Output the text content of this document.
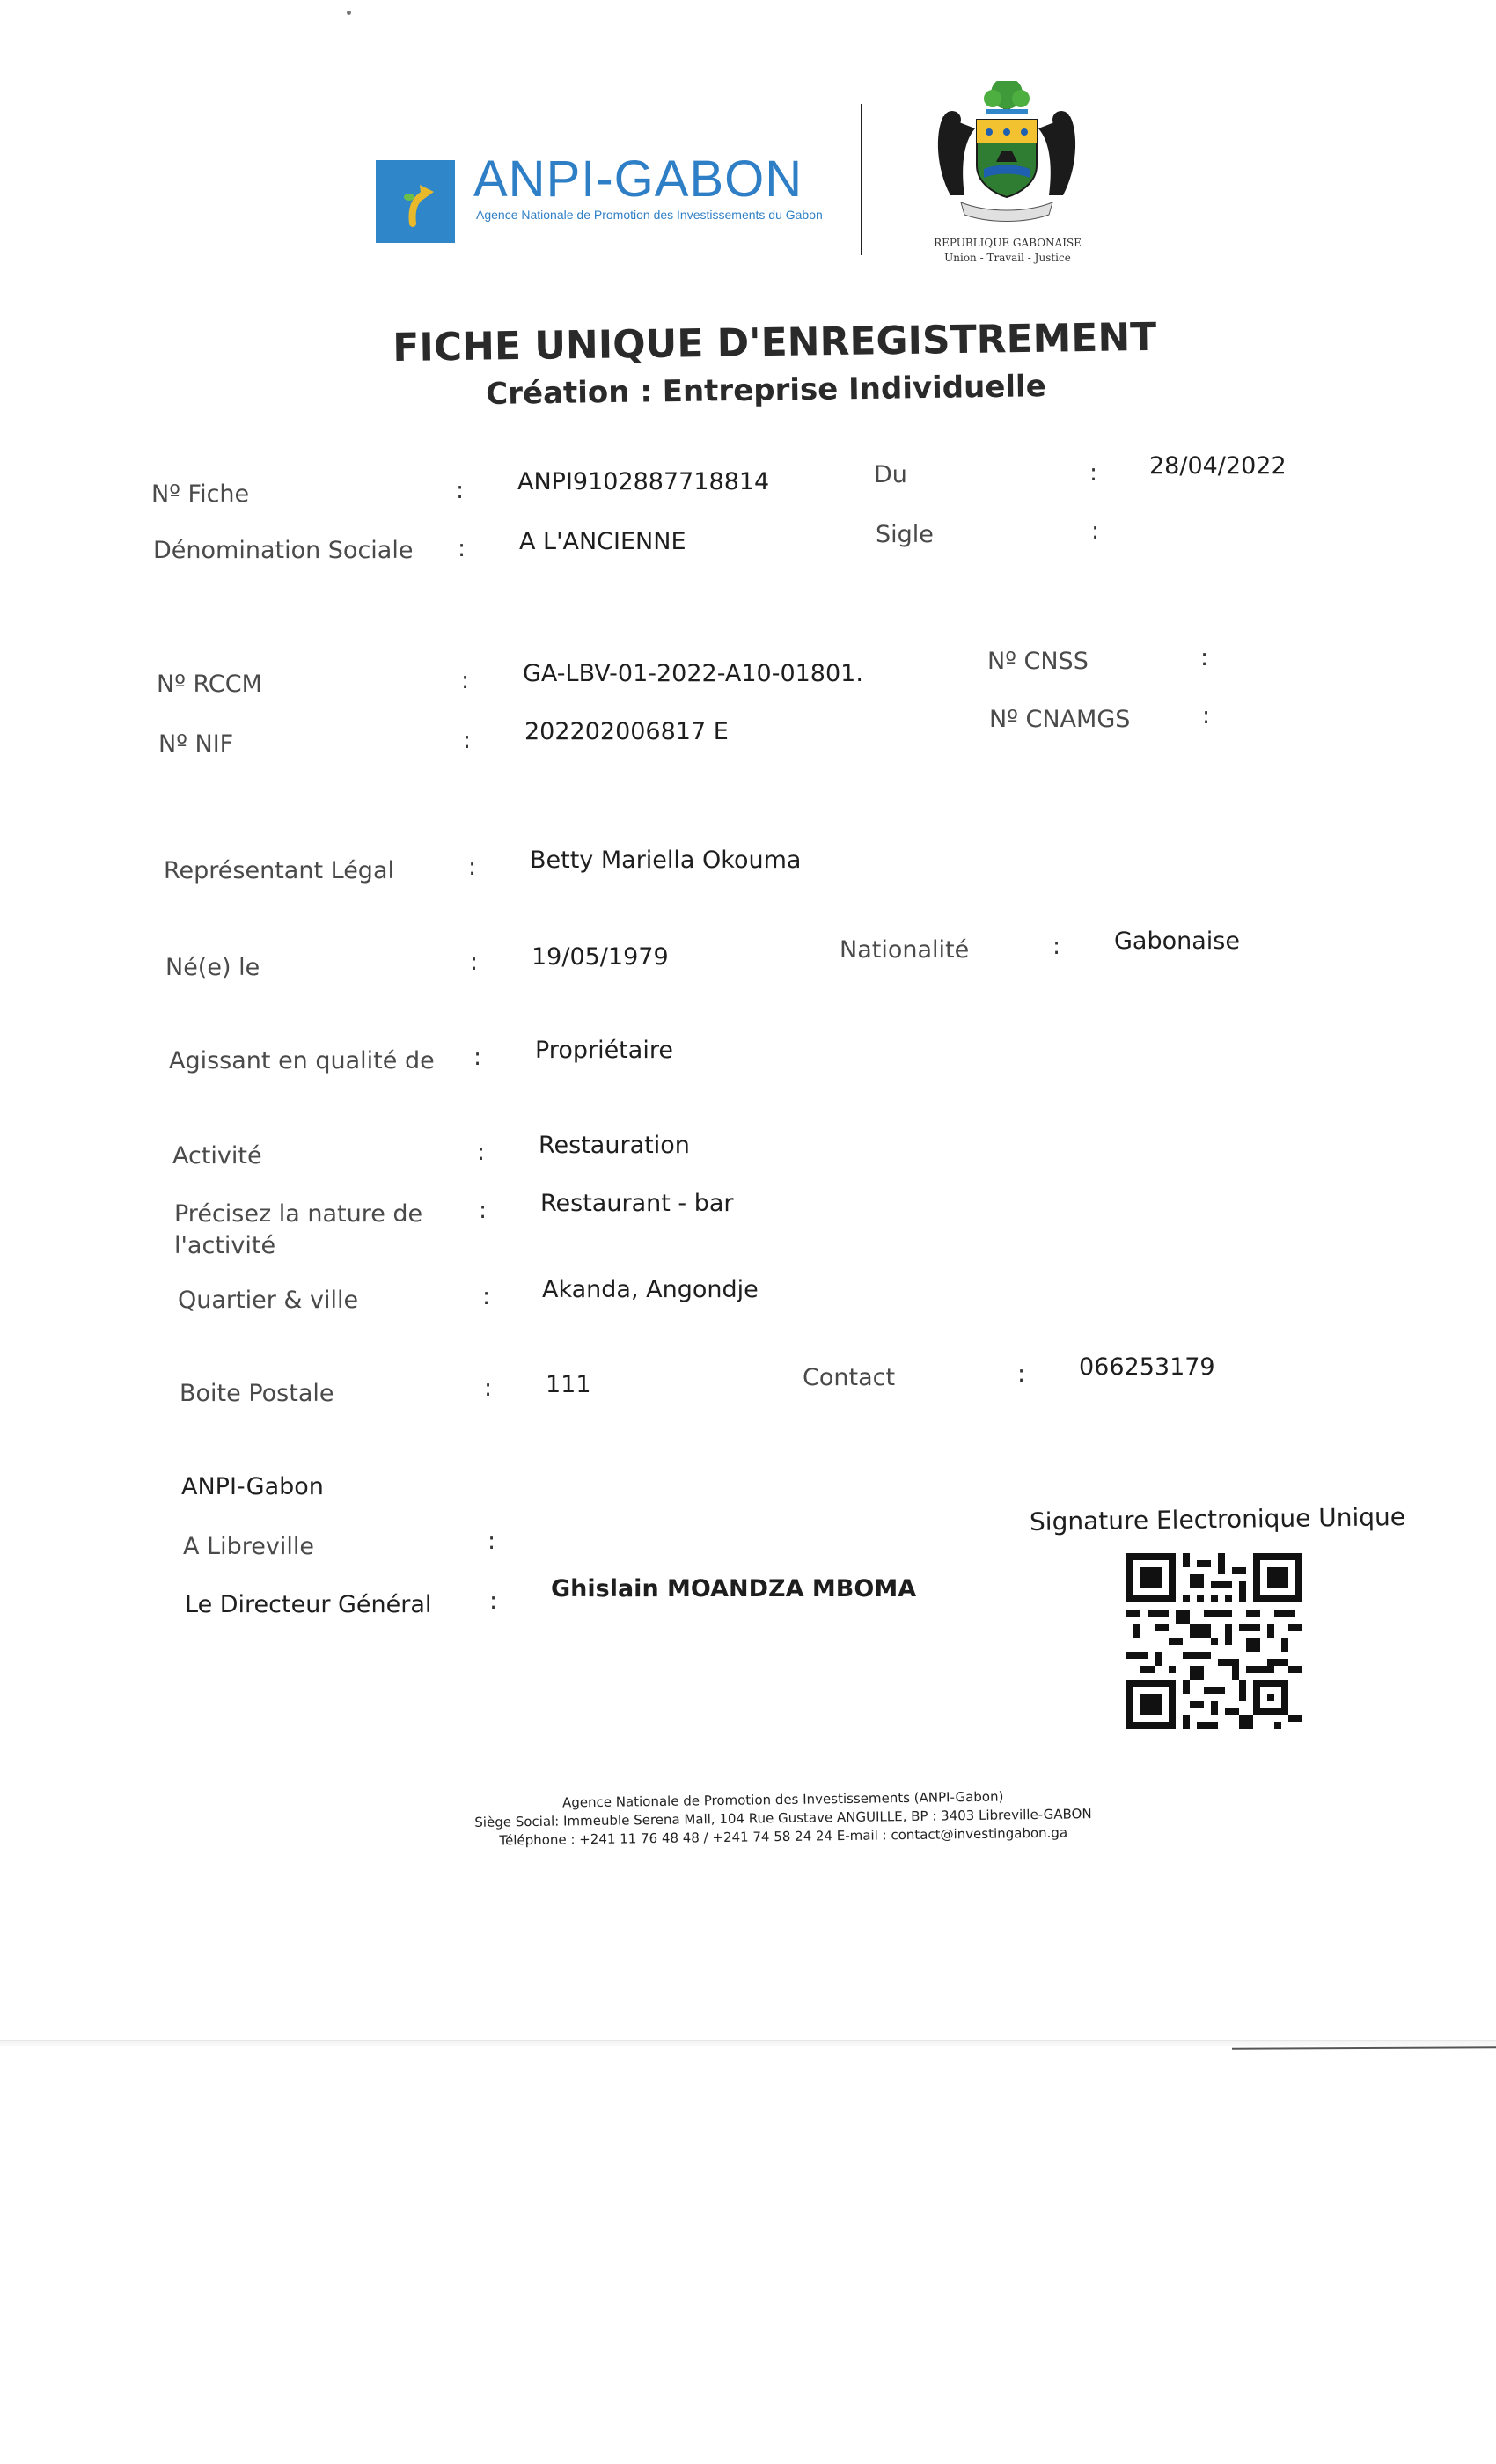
ANPI-GABON
Agence Nationale de Promotion des Investissements du Gabon
REPUBLIQUE GABONAISE
Union - Travail - Justice
FICHE UNIQUE D'ENREGISTREMENT
Création : Entreprise Individuelle
Nº Fiche	: ANPI9102887718814	Du	: 28/04/2022
Dénomination Sociale : A L'ANCIENNE	Sigle	:
Nº RCCM	: GA-LBV-01-2022-A10-01801.	Nº CNSS	:
Nº NIF	: 202202006817 E	Nº CNAMGS	:
Représentant Légal	: Betty Mariella Okouma
Né(e) le	: 19/05/1979	Nationalité	: Gabonaise
Agissant en qualité de : Propriétaire
Activité	: Restauration
Précisez la nature de
l'activité
: Restaurant - bar
Quartier & ville	: Akanda, Angondje
Boite Postale	: 111	Contact	: 066253179
ANPI-Gabon
A Libreville	:
Le Directeur Général : Ghislain MOANDZA MBOMA
Signature Electronique Unique
Agence Nationale de Promotion des Investissements (ANPI-Gabon)
Siège Social: Immeuble Serena Mall, 104 Rue Gustave ANGUILLE, BP : 3403 Libreville-GABON
Téléphone : +241 11 76 48 48 / +241 74 58 24 24 E-mail : contact@investingabon.ga
